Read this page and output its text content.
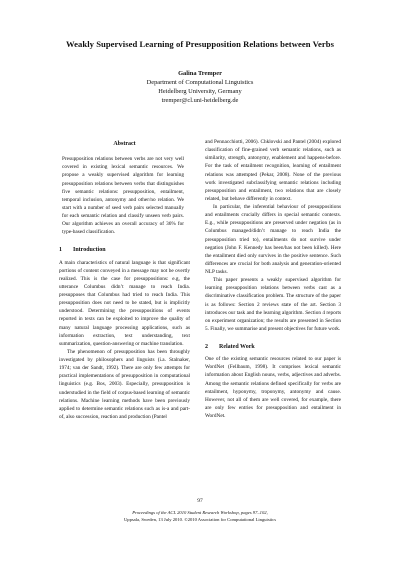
Weakly Supervised Learning of Presupposition Relations between Verbs
Galina Tremper
Department of Computational Linguistics
Heidelberg University, Germany
tremper@cl.uni-heidelberg.de
Abstract

Presupposition relations between verbs are not very well covered in existing lexical semantic resources. We propose a weakly supervised algorithm for learning presupposition relations between verbs that distinguishes five semantic relations: presupposition, entailment, temporal inclusion, antonymy and other/no relation. We start with a number of seed verb pairs selected manually for each semantic relation and classify unseen verb pairs. Our algorithm achieves an overall accuracy of 36% for type-based classification.

1 Introduction

A main characteristics of natural language is that significant portions of content conveyed in a message may not be overtly realized. This is the case for presuppositions: e.g, the utterance Columbus didn’t manage to reach India. presupposes that Columbus had tried to reach India. This presupposition does not need to be stated, but is implicitly understood. Determining the presuppositions of events reported in texts can be exploited to improve the quality of many natural language processing applications, such as information extraction, text understanding, text summarization, question-answering or machine translation.

The phenomenon of presupposition has been throughly investigated by philosophers and linguists (i.a. Stalnaker, 1974; van der Sandt, 1992). There are only few attempts for practical implementations of presupposition in computational linguistics (e.g. Bos, 2003). Especially, presupposition is understudied in the field of corpus-based learning of semantic relations. Machine learning methods have been previously applied to determine semantic relations such as is-a and part-of, also succession, reaction and production (Pantel

and Pennacchiotti, 2006). Chklovski and Pantel (2004) explored classification of fine-grained verb semantic relations, such as similarity, strength, antonymy, enablement and happens-before. For the task of entailment recognition, learning of entailment relations was attempted (Pekar, 2008). None of the previous work investigated subclassifying semantic relations including presupposition and entailment, two relations that are closely related, but behave differently in context.

In particular, the inferential behaviour of presuppositions and entailments crucially differs in special semantic contexts. E.g., while presuppositions are preserved under negation (as in Columbus managed/didn’t manage to reach India the presupposition tried to), entailments do not survive under negation (John F. Kennedy has been/has not been killed). Here the entailment died only survives in the positive sentence. Such differences are crucial for both analysis and generation-oriented NLP tasks.

This paper presents a weakly supervised algorithm for learning presupposition relations between verbs cast as a discriminative classification problem. The structure of the paper is as follows: Section 2 reviews state of the art. Section 3 introduces our task and the learning algorithm. Section 4 reports on experiment organization; the results are presented in Section 5. Finally, we summarise and present objectives for future work.

2 Related Work

One of the existing semantic resources related to our paper is WordNet (Fellbaum, 1998). It comprises lexical semantic information about English nouns, verbs, adjectives and adverbs. Among the semantic relations defined specifically for verbs are entailment, hyponymy, troponymy, antonymy and cause. However, not all of them are well covered, for example, there are only few entries for presupposition and entailment in WordNet.

97
Proceedings of the ACL 2010 Student Research Workshop, pages 97–102,
Uppsala, Sweden, 13 July 2010. ©2010 Association for Computational Linguistics
